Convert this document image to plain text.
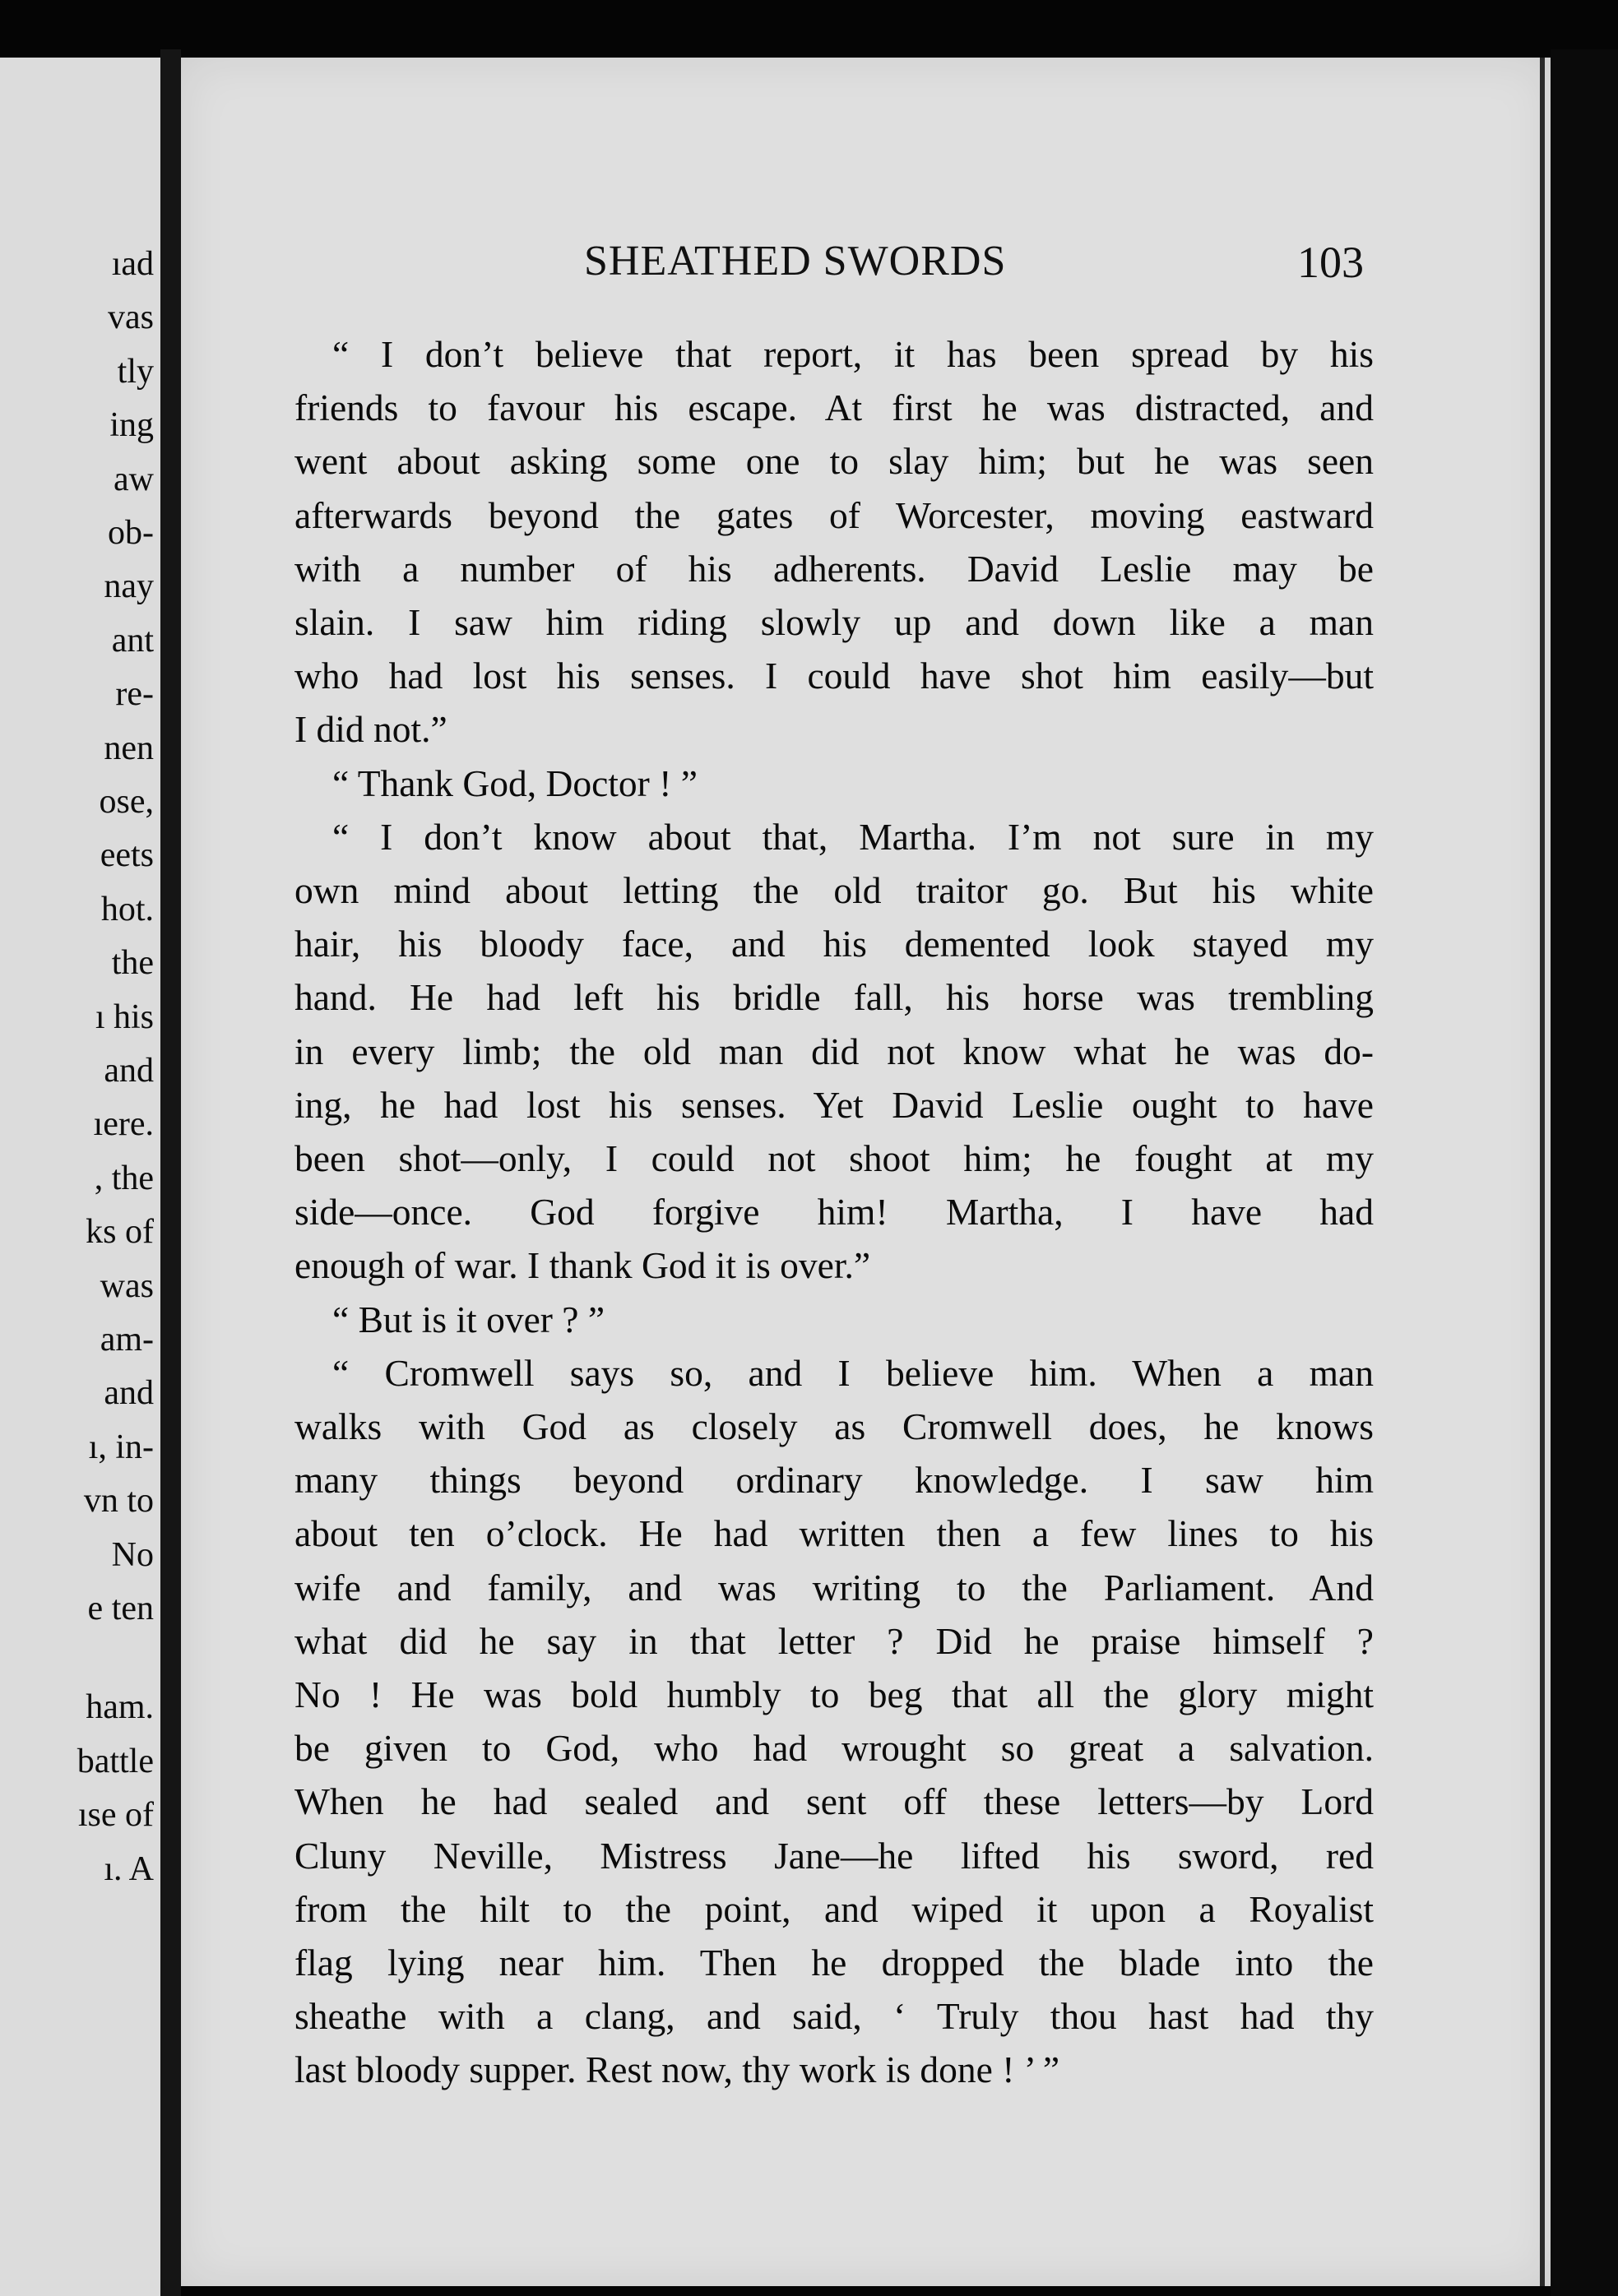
ıad
vas
tly
ing
aw
ob-
nay
ant
re-
nen
ose,
eets
hot.
the
ı his
and
ıere.
, the
ks of
was
am-
and
ı, in-
vn to
No
e ten
ham.
battle
ıse of
ı. A
SHEATHED SWORDS	103
“ I don’t believe that report, it has been spread by his
friends to favour his escape. At first he was distracted, and
went about asking some one to slay him; but he was seen
afterwards beyond the gates of Worcester, moving eastward
with a number of his adherents. David Leslie may be
slain. I saw him riding slowly up and down like a man
who had lost his senses. I could have shot him easily—but
I did not.”
“ Thank God, Doctor ! ”
“ I don’t know about that, Martha. I’m not sure in my
own mind about letting the old traitor go. But his white
hair, his bloody face, and his demented look stayed my
hand. He had left his bridle fall, his horse was trembling
in every limb; the old man did not know what he was do-
ing, he had lost his senses. Yet David Leslie ought to have
been shot—only, I could not shoot him; he fought at my
side—once. God forgive him! Martha, I have had
enough of war. I thank God it is over.”
“ But is it over ? ”
“ Cromwell says so, and I believe him. When a man
walks with God as closely as Cromwell does, he knows
many things beyond ordinary knowledge. I saw him
about ten o’clock. He had written then a few lines to his
wife and family, and was writing to the Parliament. And
what did he say in that letter ? Did he praise himself ?
No ! He was bold humbly to beg that all the glory might
be given to God, who had wrought so great a salvation.
When he had sealed and sent off these letters—by Lord
Cluny Neville, Mistress Jane—he lifted his sword, red
from the hilt to the point, and wiped it upon a Royalist
flag lying near him. Then he dropped the blade into the
sheathe with a clang, and said, ‘ Truly thou hast had thy
last bloody supper. Rest now, thy work is done ! ’ ”
